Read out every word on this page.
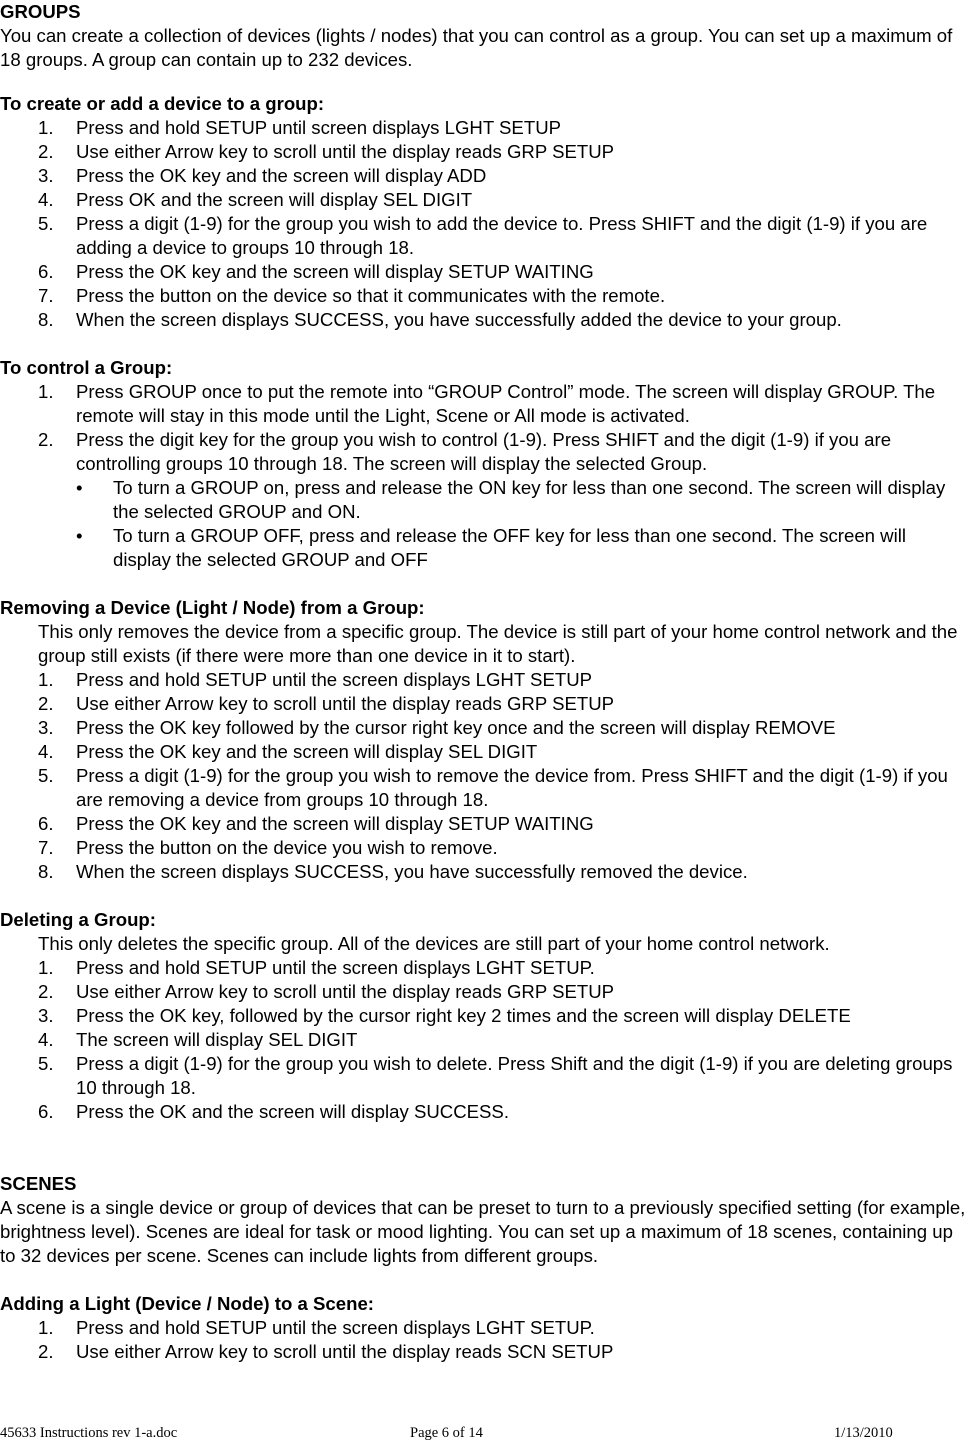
GROUPS

You can create a collection of devices (lights / nodes) that you can control as a group. You can set up a maximum of 18 groups. A group can contain up to 232 devices.

To create or add a device to a group:
1. Press and hold SETUP until screen displays LGHT SETUP
2. Use either Arrow key to scroll until the display reads GRP SETUP
3. Press the OK key and the screen will display ADD
4. Press OK and the screen will display SEL DIGIT
5. Press a digit (1-9) for the group you wish to add the device to. Press SHIFT and the digit (1-9) if you are adding a device to groups 10 through 18.
6. Press the OK key and the screen will display SETUP WAITING
7. Press the button on the device so that it communicates with the remote.
8. When the screen displays SUCCESS, you have successfully added the device to your group.
To control a Group:
1. Press GROUP once to put the remote into “GROUP Control” mode. The screen will display GROUP. The remote will stay in this mode until the Light, Scene or All mode is activated.
2. Press the digit key for the group you wish to control (1-9). Press SHIFT and the digit (1-9) if you are controlling groups 10 through 18. The screen will display the selected Group.
• To turn a GROUP on, press and release the ON key for less than one second. The screen will display the selected GROUP and ON.
• To turn a GROUP OFF, press and release the OFF key for less than one second. The screen will display the selected GROUP and OFF
Removing a Device (Light / Node) from a Group:

This only removes the device from a specific group. The device is still part of your home control network and the group still exists (if there were more than one device in it to start).

1. Press and hold SETUP until the screen displays LGHT SETUP
2. Use either Arrow key to scroll until the display reads GRP SETUP
3. Press the OK key followed by the cursor right key once and the screen will display REMOVE
4. Press the OK key and the screen will display SEL DIGIT
5. Press a digit (1-9) for the group you wish to remove the device from. Press SHIFT and the digit (1-9) if you are removing a device from groups 10 through 18.
6. Press the OK key and the screen will display SETUP WAITING
7. Press the button on the device you wish to remove.
8. When the screen displays SUCCESS, you have successfully removed the device.
Deleting a Group:

This only deletes the specific group. All of the devices are still part of your home control network.

1. Press and hold SETUP until the screen displays LGHT SETUP.
2. Use either Arrow key to scroll until the display reads GRP SETUP
3. Press the OK key, followed by the cursor right key 2 times and the screen will display DELETE
4. The screen will display SEL DIGIT
5. Press a digit (1-9) for the group you wish to delete. Press Shift and the digit (1-9) if you are deleting groups 10 through 18.
6. Press the OK and the screen will display SUCCESS.
SCENES

A scene is a single device or group of devices that can be preset to turn to a previously specified setting (for example, brightness level). Scenes are ideal for task or mood lighting. You can set up a maximum of 18 scenes, containing up to 32 devices per scene. Scenes can include lights from different groups.

Adding a Light (Device / Node) to a Scene:
1. Press and hold SETUP until the screen displays LGHT SETUP.
2. Use either Arrow key to scroll until the display reads SCN SETUP
45633 Instructions rev 1-a.doc	Page 6 of 14	1/13/2010
